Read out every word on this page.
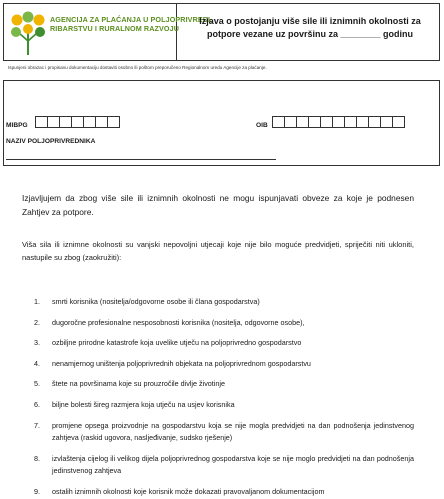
AGENCIJA ZA PLAĆANJA U POLJOPRIVREDI,
RIBARSTVU I RURALNOM RAZVOJU
Izjava o postojanju više sile ili iznimnih okolnosti za
potpore vezane uz površinu za ________ godinu
Ispunjeni obrazac i propisanu dokumentaciju dostaviti osobno ili poštom preporučeno Regionalnom uredu Agencije za plaćanje.
MIBPG	OIB
NAZIV POLJOPRIVREDNIKA
Izjavljujem da zbog više sile ili iznimnih okolnosti ne mogu ispunjavati obveze za koje je podnesen Zahtjev za potpore.
Viša sila ili iznimne okolnosti su vanjski nepovoljni utjecaji koje nije bilo moguće predvidjeti, spriječiti niti ukloniti, nastupile su zbog (zaokružiti):
1. smrti korisnika (nositelja/odgovorne osobe ili člana gospodarstva)
2. dugoročne profesionalne nesposobnosti korisnika (nositelja, odgovorne osobe),
3. ozbiljne prirodne katastrofe koja uvelike utječu na poljoprivredno gospodarstvo
4. nenamjernog uništenja poljoprivrednih objekata na poljoprivrednom gospodarstvu
5. štete na površinama koje su prouzročile divlje životinje
6. biljne bolesti šireg razmjera koja utječu na usjev korisnika
7. promjene opsega proizvodnje na gospodarstvu koja se nije mogla predvidjeti na dan podnošenja jedinstvenog zahtjeva (raskid ugovora, nasljeđivanje, sudsko rješenje)
8. izvlaštenja cijelog ili velikog dijela poljoprivrednog gospodarstva koje se nije moglo predvidjeti na dan podnošenja jedinstvenog zahtjeva
9. ostalih iznimnih okolnosti koje korisnik može dokazati pravovaljanom dokumentacijom
